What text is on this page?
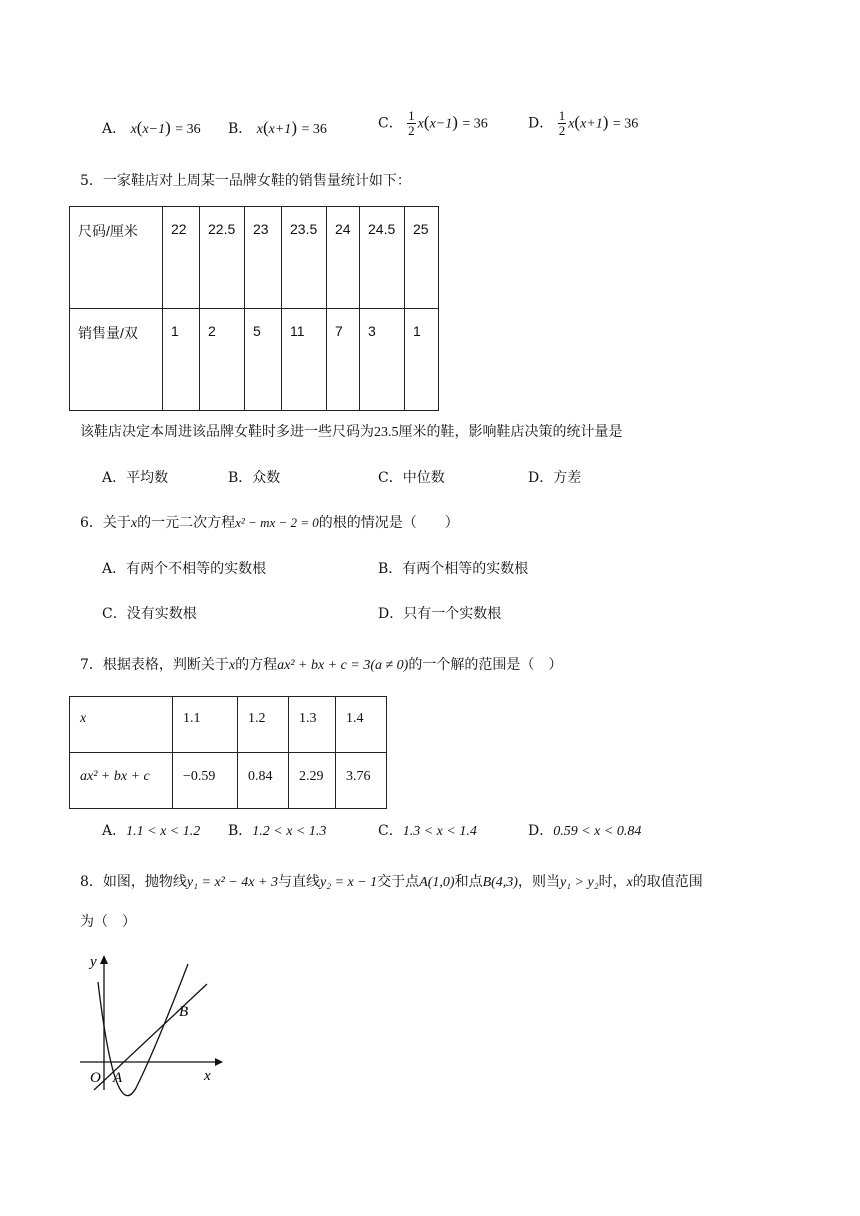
A． x(x−1) = 36 B． x(x+1) = 36	C． $\frac{1}{2} x(x-1) = 36$	D． $\frac{1}{2} x(x+1) = 36$
5．一家鞋店对上周某一品牌女鞋的销售量统计如下：
尺码/厘米	22	22.5	23	23.5	24	24.5	25
销售量/双	1	2	5	11	7	3	1
该鞋店决定本周进该品牌女鞋时多进一些尺码为23.5厘米的鞋，影响鞋店决策的统计量是
A．平均数	B．众数	C．中位数	D．方差
6．关于x的一元二次方程x² − mx − 2 = 0的根的情况是（　　）
A．有两个不相等的实数根	B．有两个相等的实数根
C．没有实数根	D．只有一个实数根
7．根据表格，判断关于x的方程ax² + bx + c = 3(a ≠ 0)的一个解的范围是（　）
x	1.1	1.2	1.3	1.4
ax² + bx + c	−0.59	0.84	2.29	3.76
A．1.1 < x < 1.2 B．1.2 < x < 1.3	C．1.3 < x < 1.4	D．0.59 < x < 0.84
8．如图，抛物线y₁ = x² − 4x + 3与直线y₂ = x − 1交于点A(1,0)和点B(4,3)，则当y₁ > y₂时，x的取值范围
为（　）
y
x
O A
B
